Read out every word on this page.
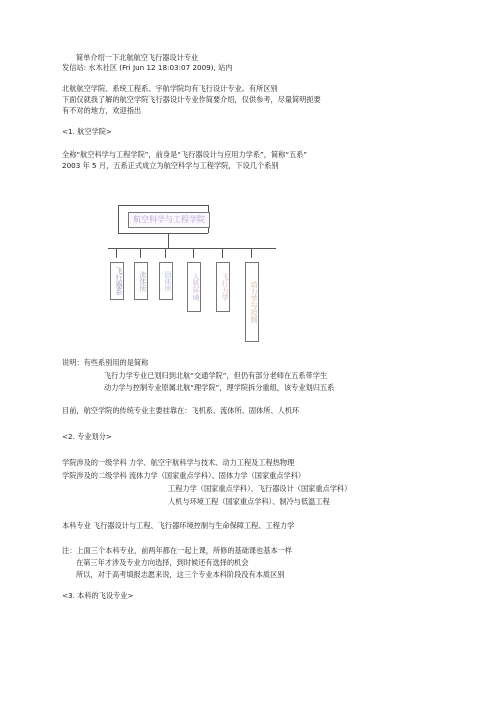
简单介绍一下北航航空飞行器设计专业
发信站: 水木社区 (Fri Jun 12 18:03:07 2009), 站内
北航航空学院、系统工程系、宇航学院均有飞行设计专业。有所区别
下面仅就我了解的航空学院飞行器设计专业作简要介绍，仅供参考，尽量简明扼要
有不对的地方，欢迎指出
<1. 航空学院>
全称“航空科学与工程学院”，前身是“飞行器设计与应用力学系”，简称“五系”
2003 年 5 月，五系正式成立为航空科学与工程学院，下设几个系别
航空科学与工程学院
飞行器系	流体所	固体所	人机环境	飞行力学	动力学与控制
说明：有些系别用的是简称
飞行力学专业已划归到北航“交通学院”，但仍有部分老师在五系带学生
动力学与控制专业原属北航“理学院”，理学院拆分重组，该专业划归五系
目前，航空学院的传统专业主要挂靠在：飞机系、流体所、固体所、人机环
<2. 专业划分>
学院涉及的一级学科 力学、航空宇航科学与技术、动力工程及工程热物理
学院涉及的二级学科 流体力学（国家重点学科）、固体力学（国家重点学科）
工程力学（国家重点学科）、飞行器设计（国家重点学科）
人机与环境工程（国家重点学科）、制冷与低温工程
本科专业 飞行器设计与工程、飞行器环境控制与生命保障工程、工程力学
注：上面三个本科专业，前两年都在一起上课，所修的基础课也基本一样
在第三年才涉及专业方向选择，到时候还有选择的机会
所以，对于高考填报志愿来说，这三个专业本科阶段没有本质区别
<3. 本科的飞设专业>
